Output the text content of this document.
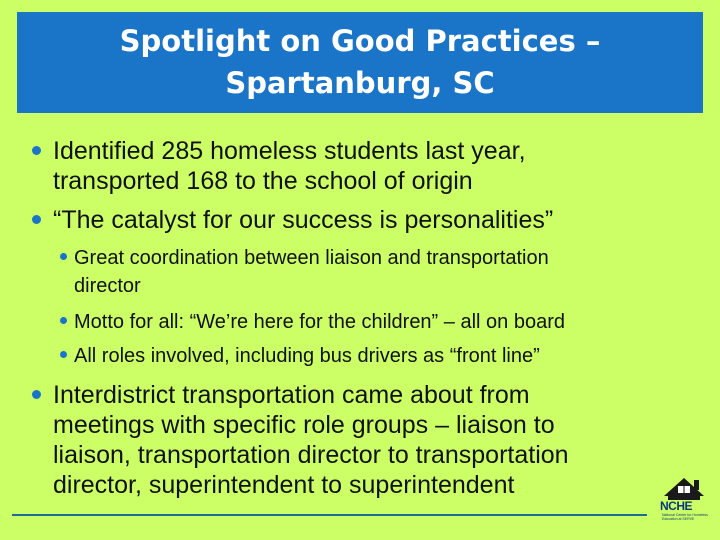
Spotlight on Good Practices –
Spartanburg, SC
Identified 285 homeless students last year,
transported 168 to the school of origin
“The catalyst for our success is personalities”
Great coordination between liaison and transportation
director
Motto for all: “We’re here for the children” – all on board
All roles involved, including bus drivers as “front line”
Interdistrict transportation came about from
meetings with specific role groups – liaison to
liaison, transportation director to transportation
director, superintendent to superintendent
NCHE
National Center for Homeless Education at SERVE
